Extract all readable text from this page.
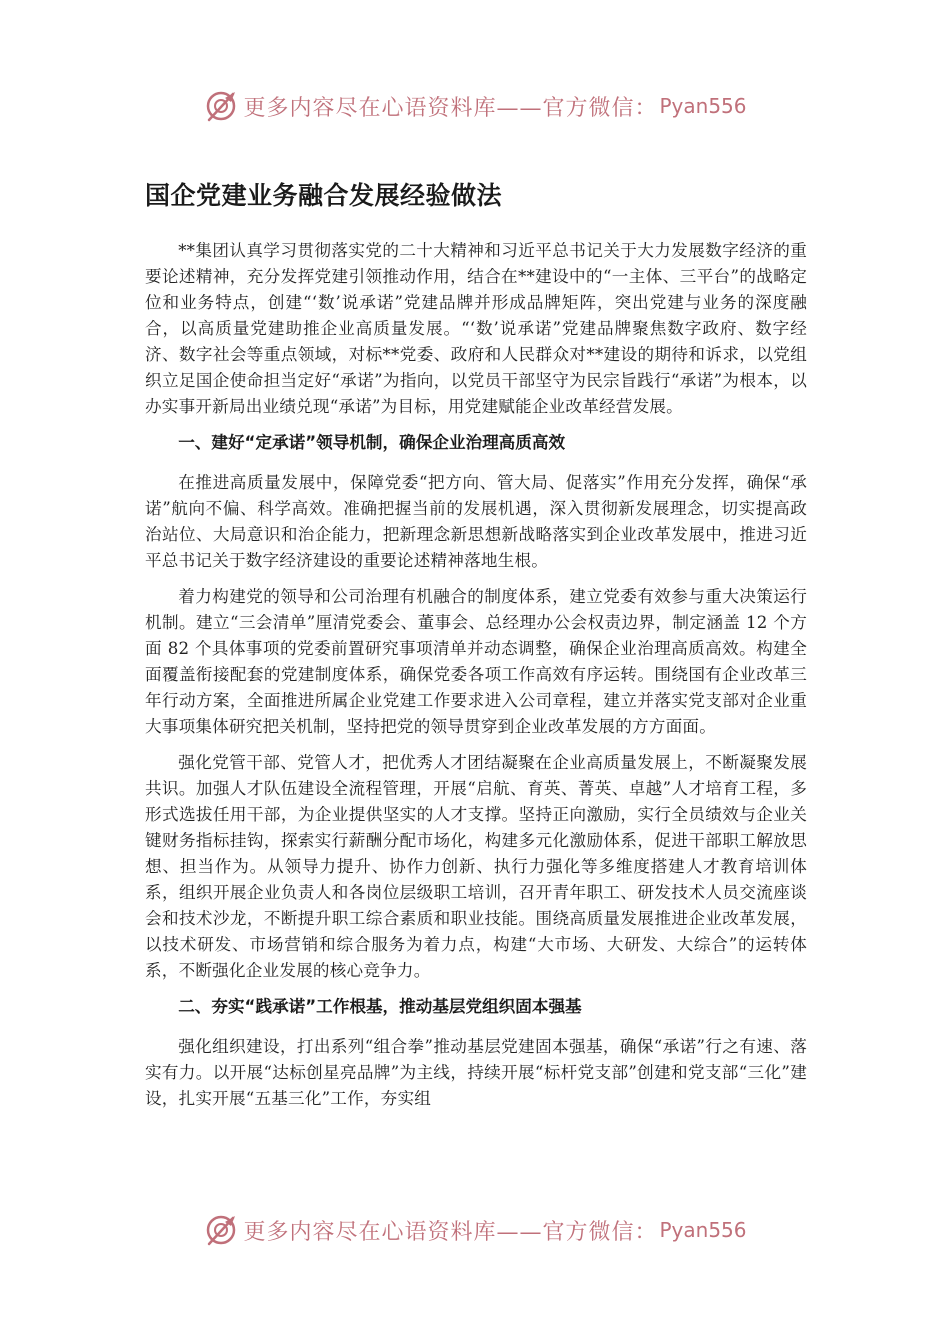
更多内容尽在心语资料库——官方微信： Pyan556
国企党建业务融合发展经验做法

**集团认真学习贯彻落实党的二十大精神和习近平总书记关于大力发展数字经济的重要论述精神，充分发挥党建引领推动作用，结合在**建设中的“一主体、三平台”的战略定位和业务特点，创建“‘数’说承诺”党建品牌并形成品牌矩阵，突出党建与业务的深度融合，以高质量党建助推企业高质量发展。“‘数’说承诺”党建品牌聚焦数字政府、数字经济、数字社会等重点领域，对标**党委、政府和人民群众对**建设的期待和诉求，以党组织立足国企使命担当定好“承诺”为指向，以党员干部坚守为民宗旨践行“承诺”为根本，以办实事开新局出业绩兑现“承诺”为目标，用党建赋能企业改革经营发展。

一、建好“定承诺”领导机制，确保企业治理高质高效

在推进高质量发展中，保障党委“把方向、管大局、促落实”作用充分发挥，确保“承诺”航向不偏、科学高效。准确把握当前的发展机遇，深入贯彻新发展理念，切实提高政治站位、大局意识和治企能力，把新理念新思想新战略落实到企业改革发展中，推进习近平总书记关于数字经济建设的重要论述精神落地生根。

着力构建党的领导和公司治理有机融合的制度体系，建立党委有效参与重大决策运行机制。建立“三会清单”厘清党委会、董事会、总经理办公会权责边界，制定涵盖 12 个方面 82 个具体事项的党委前置研究事项清单并动态调整，确保企业治理高质高效。构建全面覆盖衔接配套的党建制度体系，确保党委各项工作高效有序运转。围绕国有企业改革三年行动方案，全面推进所属企业党建工作要求进入公司章程，建立并落实党支部对企业重大事项集体研究把关机制，坚持把党的领导贯穿到企业改革发展的方方面面。

强化党管干部、党管人才，把优秀人才团结凝聚在企业高质量发展上，不断凝聚发展共识。加强人才队伍建设全流程管理，开展“启航、育英、菁英、卓越”人才培育工程，多形式选拔任用干部，为企业提供坚实的人才支撑。坚持正向激励，实行全员绩效与企业关键财务指标挂钩，探索实行薪酬分配市场化，构建多元化激励体系，促进干部职工解放思想、担当作为。从领导力提升、协作力创新、执行力强化等多维度搭建人才教育培训体系，组织开展企业负责人和各岗位层级职工培训，召开青年职工、研发技术人员交流座谈会和技术沙龙，不断提升职工综合素质和职业技能。围绕高质量发展推进企业改革发展，以技术研发、市场营销和综合服务为着力点，构建“大市场、大研发、大综合”的运转体系，不断强化企业发展的核心竞争力。

二、夯实“践承诺”工作根基，推动基层党组织固本强基

强化组织建设，打出系列“组合拳”推动基层党建固本强基，确保“承诺”行之有速、落实有力。以开展“达标创星亮品牌”为主线，持续开展“标杆党支部”创建和党支部“三化”建设，扎实开展“五基三化”工作，夯实组

更多内容尽在心语资料库——官方微信： Pyan556
